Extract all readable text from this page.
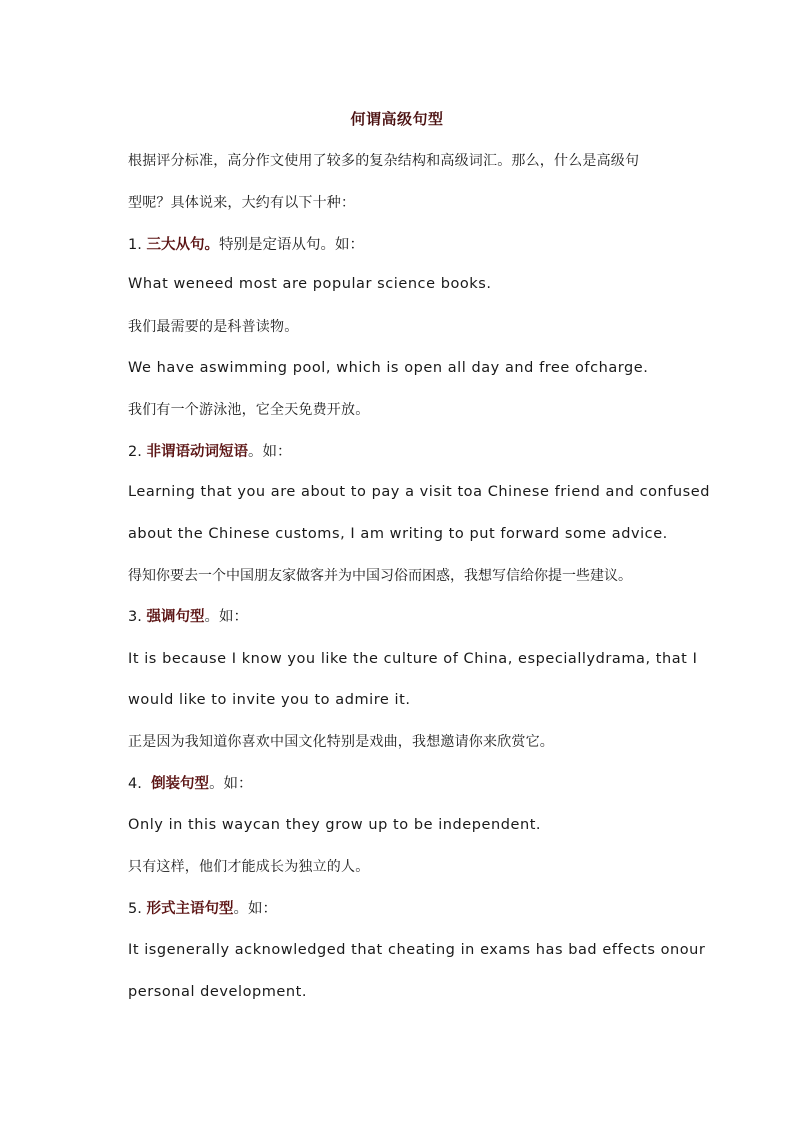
何谓高级句型
根据评分标准，高分作文使用了较多的复杂结构和高级词汇。那么，什么是高级句
型呢？具体说来，大约有以下十种：
1. 三大从句。特别是定语从句。如：
What weneed most are popular science books.
我们最需要的是科普读物。
We have aswimming pool, which is open all day and free ofcharge.
我们有一个游泳池，它全天免费开放。
2. 非谓语动词短语。如：
Learning that you are about to pay a visit toa Chinese friend and confused
about the Chinese customs, I am writing to put forward some advice.
得知你要去一个中国朋友家做客并为中国习俗而困惑，我想写信给你提一些建议。
3. 强调句型。如：
It is because I know you like the culture of China, especiallydrama, that I
would like to invite you to admire it.
正是因为我知道你喜欢中国文化特别是戏曲，我想邀请你来欣赏它。
4.  倒装句型。如：
Only in this waycan they grow up to be independent.
只有这样，他们才能成长为独立的人。
5. 形式主语句型。如：
It isgenerally acknowledged that cheating in exams has bad effects onour
personal development.
